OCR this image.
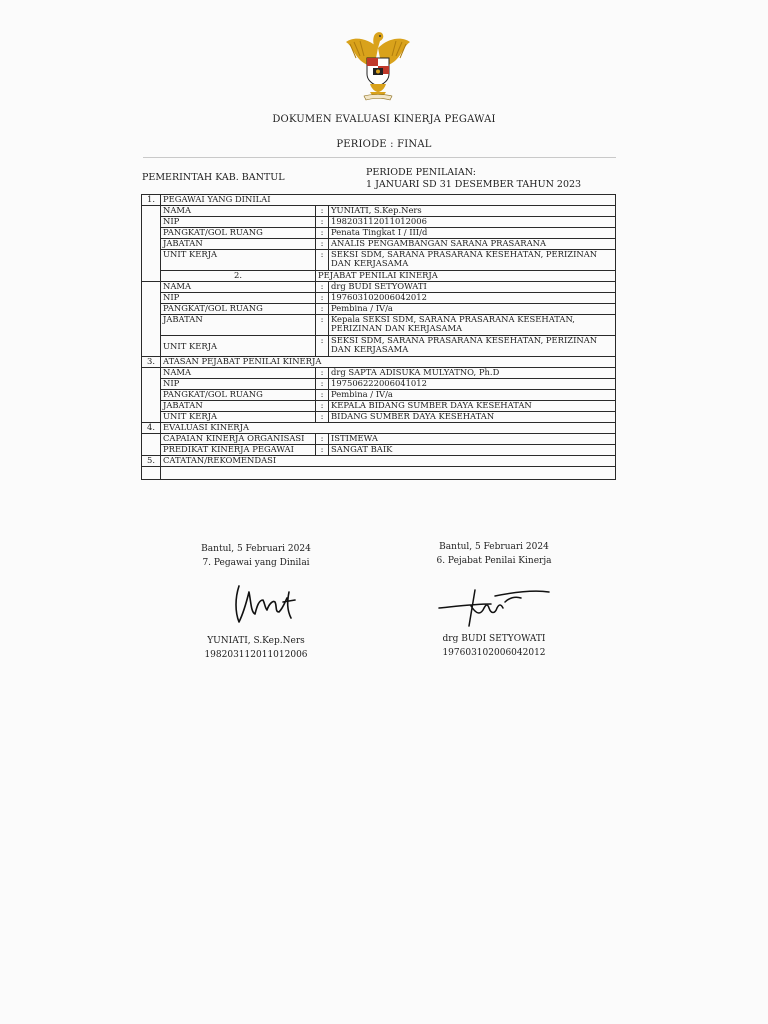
DOKUMEN EVALUASI KINERJA PEGAWAI
PERIODE : FINAL
PEMERINTAH KAB. BANTUL	PERIODE PENILAIAN:
1 JANUARI SD 31 DESEMBER TAHUN 2023
1.	PEGAWAI YANG DINILAI		
	NAMA	:	YUNIATI, S.Kep.Ners
	NIP	:	198203112011012006
	PANGKAT/GOL RUANG	:	Penata Tingkat I / III/d
	JABATAN	:	ANALIS PENGAMBANGAN SARANA PRASARANA
	UNIT KERJA	:	SEKSI SDM, SARANA PRASARANA KESEHATAN, PERIZINAN DAN KERJASAMA
	2.	PEJABAT PENILAI KINERJA	
	NAMA	:	drg BUDI SETYOWATI
	NIP	:	197603102006042012
	PANGKAT/GOL RUANG	:	Pembina / IV/a
	JABATAN	:	Kepala SEKSI SDM, SARANA PRASARANA KESEHATAN, PERIZINAN DAN KERJASAMA
	UNIT KERJA	:	SEKSI SDM, SARANA PRASARANA KESEHATAN, PERIZINAN DAN KERJASAMA
3.	ATASAN PEJABAT PENILAI KINERJA		
	NAMA	:	drg SAPTA ADISUKA MULYATNO, Ph.D
	NIP	:	197506222006041012
	PANGKAT/GOL RUANG	:	Pembina / IV/a
	JABATAN	:	KEPALA BIDANG SUMBER DAYA KESEHATAN
	UNIT KERJA	:	BIDANG SUMBER DAYA KESEHATAN
4.	EVALUASI KINERJA		
	CAPAIAN KINERJA ORGANISASI	:	ISTIMEWA
	PREDIKAT KINERJA PEGAWAI	:	SANGAT BAIK
5.	CATATAN/REKOMENDASI		

Bantul, 5 Februari 2024
7. Pegawai yang Dinilai
YUNIATI, S.Kep.Ners
198203112011012006
Bantul, 5 Februari 2024
6. Pejabat Penilai Kinerja
drg BUDI SETYOWATI
197603102006042012
